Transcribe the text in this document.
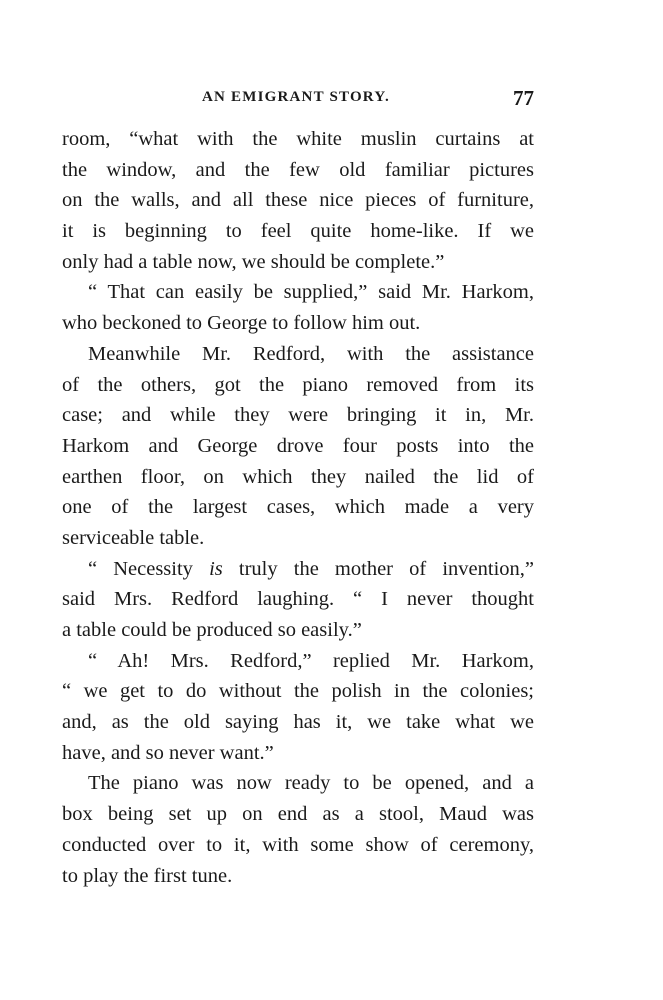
AN EMIGRANT STORY.	77
room, “what with the white muslin curtains at
the window, and the few old familiar pictures
on the walls, and all these nice pieces of furniture,
it is beginning to feel quite home-like. If we
only had a table now, we should be complete.”
“ That can easily be supplied,” said Mr. Harkom,
who beckoned to George to follow him out.
Meanwhile Mr. Redford, with the assistance
of the others, got the piano removed from its
case; and while they were bringing it in, Mr.
Harkom and George drove four posts into the
earthen floor, on which they nailed the lid of
one of the largest cases, which made a very
serviceable table.
“ Necessity is truly the mother of invention,”
said Mrs. Redford laughing. “ I never thought
a table could be produced so easily.”
“ Ah! Mrs. Redford,” replied Mr. Harkom,
“ we get to do without the polish in the colonies;
and, as the old saying has it, we take what we
have, and so never want.”
The piano was now ready to be opened, and a
box being set up on end as a stool, Maud was
conducted over to it, with some show of ceremony,
to play the first tune.
